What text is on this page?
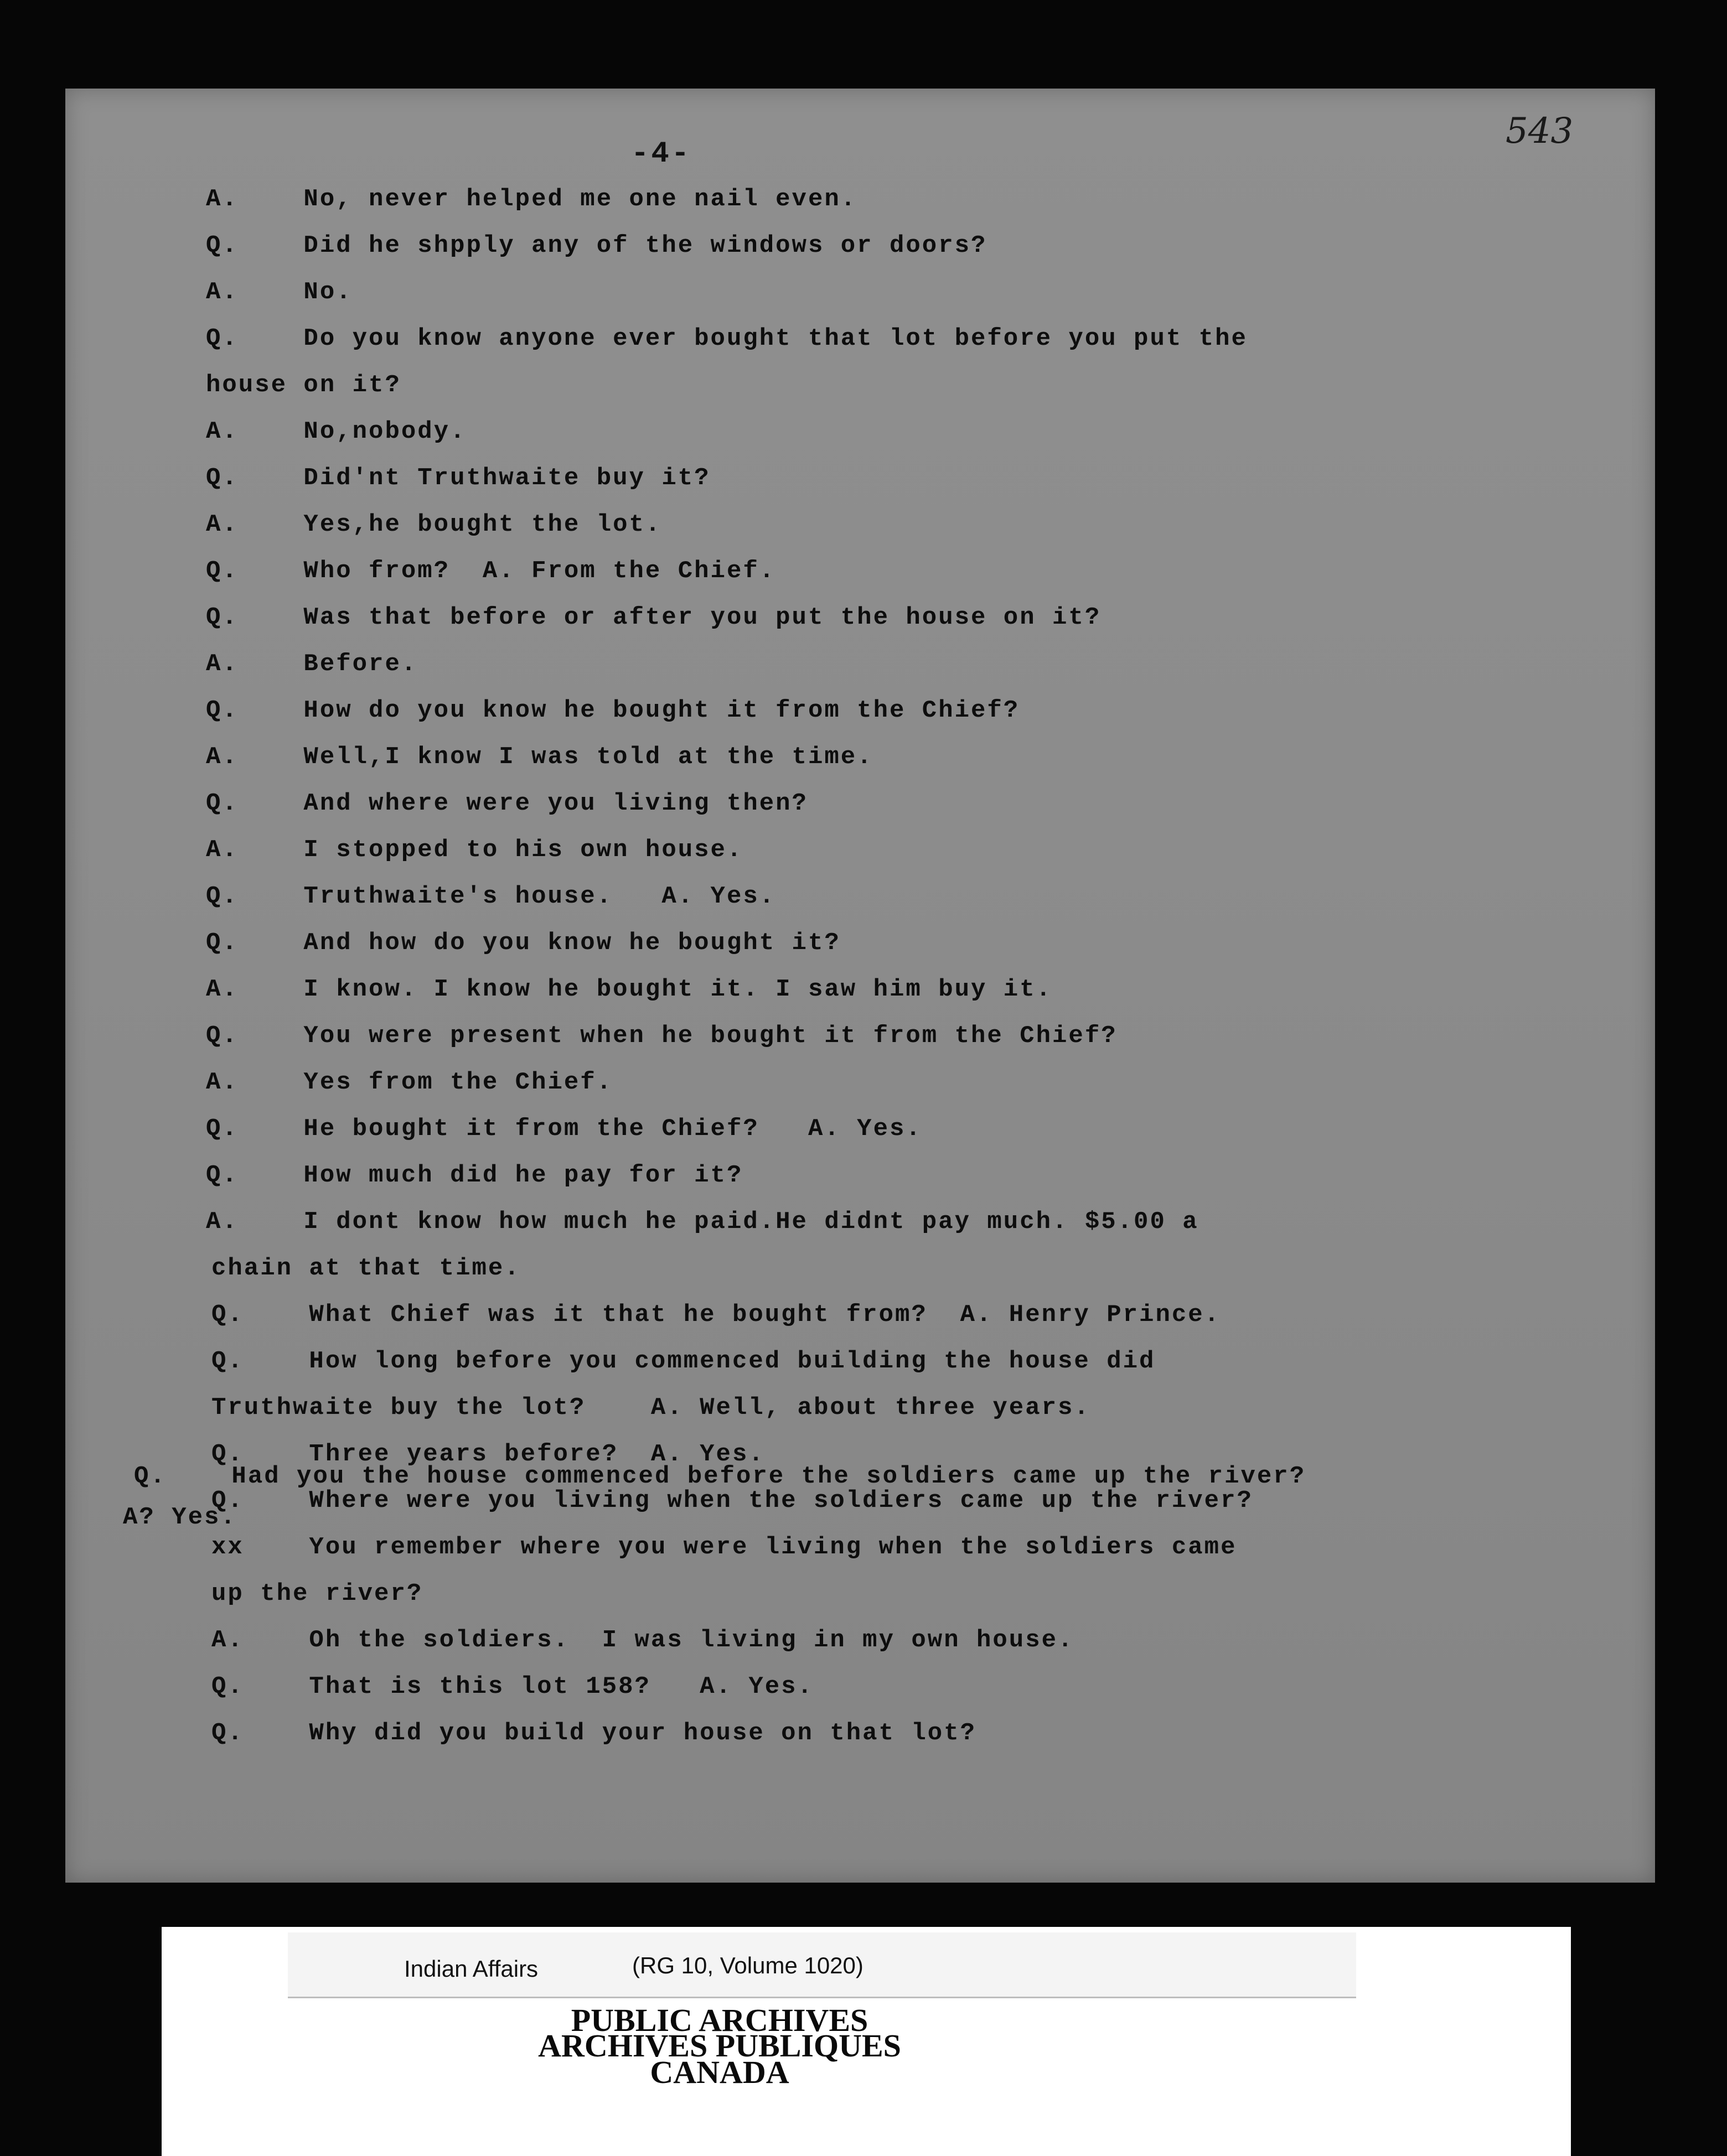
-4-
543
A.    No, never helped me one nail even.
Q.    Did he shpply any of the windows or doors?
A.    No.
Q.    Do you know anyone ever bought that lot before you put the
house on it?
A.    No,nobody.
Q.    Did'nt Truthwaite buy it?
A.    Yes,he bought the lot.
Q.    Who from?  A. From the Chief.
Q.    Was that before or after you put the house on it?
A.    Before.
Q.    How do you know he bought it from the Chief?
A.    Well,I know I was told at the time.
Q.    And where were you living then?
A.    I stopped to his own house.
Q.    Truthwaite's house.   A. Yes.
Q.    And how do you know he bought it?
A.    I know. I know he bought it. I saw him buy it.
Q.    You were present when he bought it from the Chief?
A.    Yes from the Chief.
Q.    He bought it from the Chief?   A. Yes.
Q.    How much did he pay for it?
A.    I dont know how much he paid.He didnt pay much. $5.00 a
chain at that time.
Q.    What Chief was it that he bought from?  A. Henry Prince.
Q.    How long before you commenced building the house did
Truthwaite buy the lot?    A. Well, about three years.
Q.    Three years before?  A. Yes.
Q.    Had you the house commenced before the soldiers came up the river?
Q.    Where were you living when the soldiers came up the river?
A? Yes.
xx    You remember where you were living when the soldiers came
up the river?
A.    Oh the soldiers.  I was living in my own house.
Q.    That is this lot 158?   A. Yes.
Q.    Why did you build your house on that lot?
Indian Affairs	(RG 10, Volume 1020)
PUBLIC ARCHIVES
ARCHIVES PUBLIQUES
CANADA
